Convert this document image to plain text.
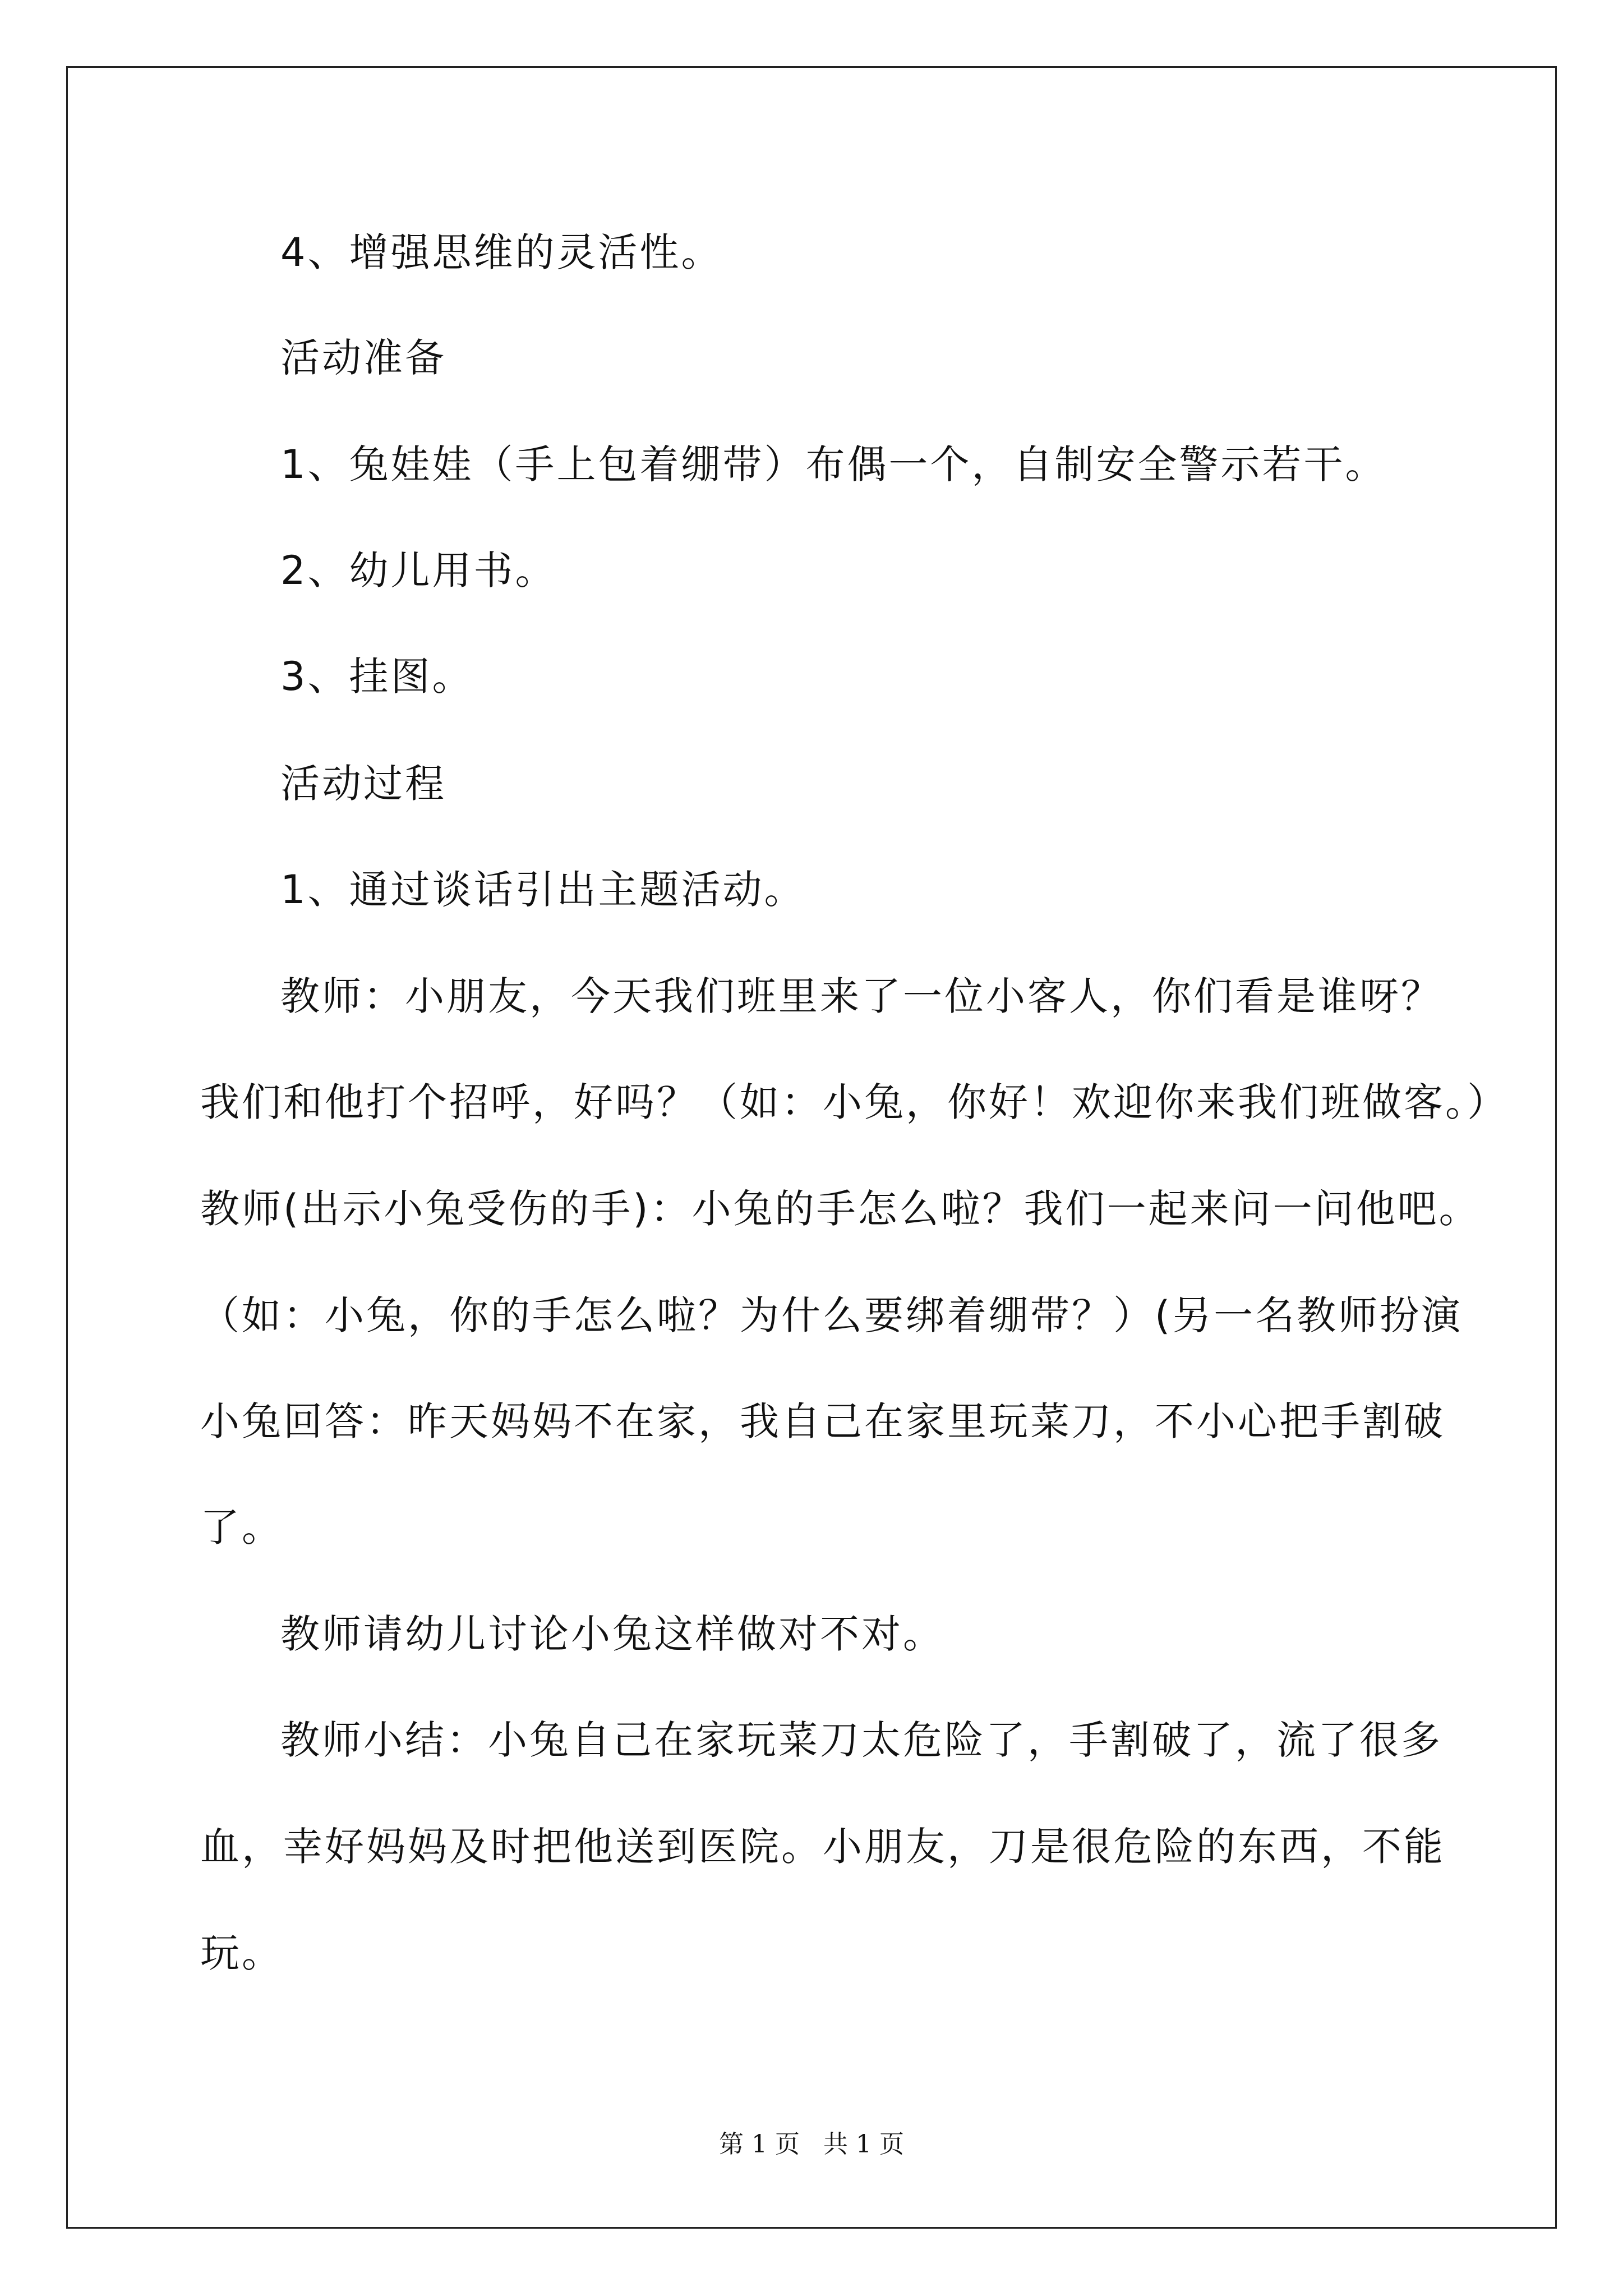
4、增强思维的灵活性。
活动准备
1、兔娃娃（手上包着绷带）布偶一个，自制安全警示若干。
2、幼儿用书。
3、挂图。
活动过程
1、通过谈话引出主题活动。
教师：小朋友，今天我们班里来了一位小客人，你们看是谁呀？
我们和他打个招呼，好吗？（如：小兔，你好！欢迎你来我们班做客。）
教师(出示小兔受伤的手)：小兔的手怎么啦？我们一起来问一问他吧。
（如：小兔，你的手怎么啦？为什么要绑着绷带？）(另一名教师扮演
小兔回答：昨天妈妈不在家，我自己在家里玩菜刀，不小心把手割破
了。
教师请幼儿讨论小兔这样做对不对。
教师小结：小兔自己在家玩菜刀太危险了，手割破了，流了很多
血，幸好妈妈及时把他送到医院。小朋友，刀是很危险的东西，不能
玩。
第 1 页   共 1 页
